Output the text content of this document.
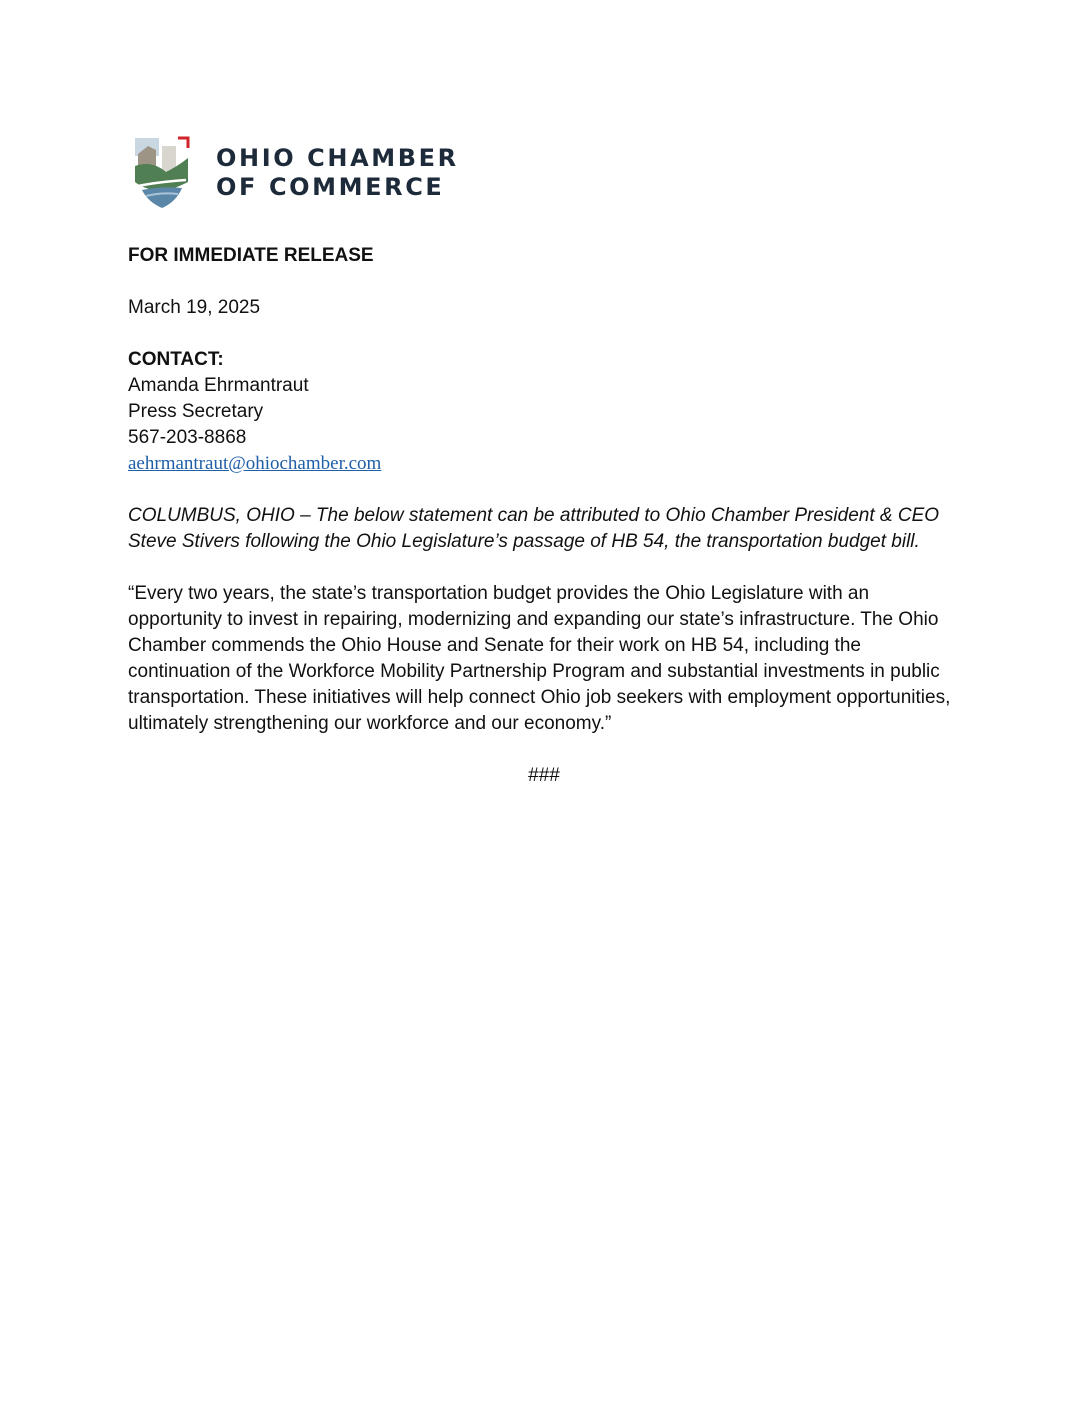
OHIO CHAMBER
OF COMMERCE

FOR IMMEDIATE RELEASE

March 19, 2025

CONTACT:

Amanda Ehrmantraut

Press Secretary

567-203-8868

aehrmantraut@ohiochamber.com

COLUMBUS, OHIO – The below statement can be attributed to Ohio Chamber President & CEO Steve Stivers following the Ohio Legislature’s passage of HB 54, the transportation budget bill.

“Every two years, the state’s transportation budget provides the Ohio Legislature with an opportunity to invest in repairing, modernizing and expanding our state’s infrastructure. The Ohio Chamber commends the Ohio House and Senate for their work on HB 54, including the continuation of the Workforce Mobility Partnership Program and substantial investments in public transportation. These initiatives will help connect Ohio job seekers with employment opportunities, ultimately strengthening our workforce and our economy.”

###
